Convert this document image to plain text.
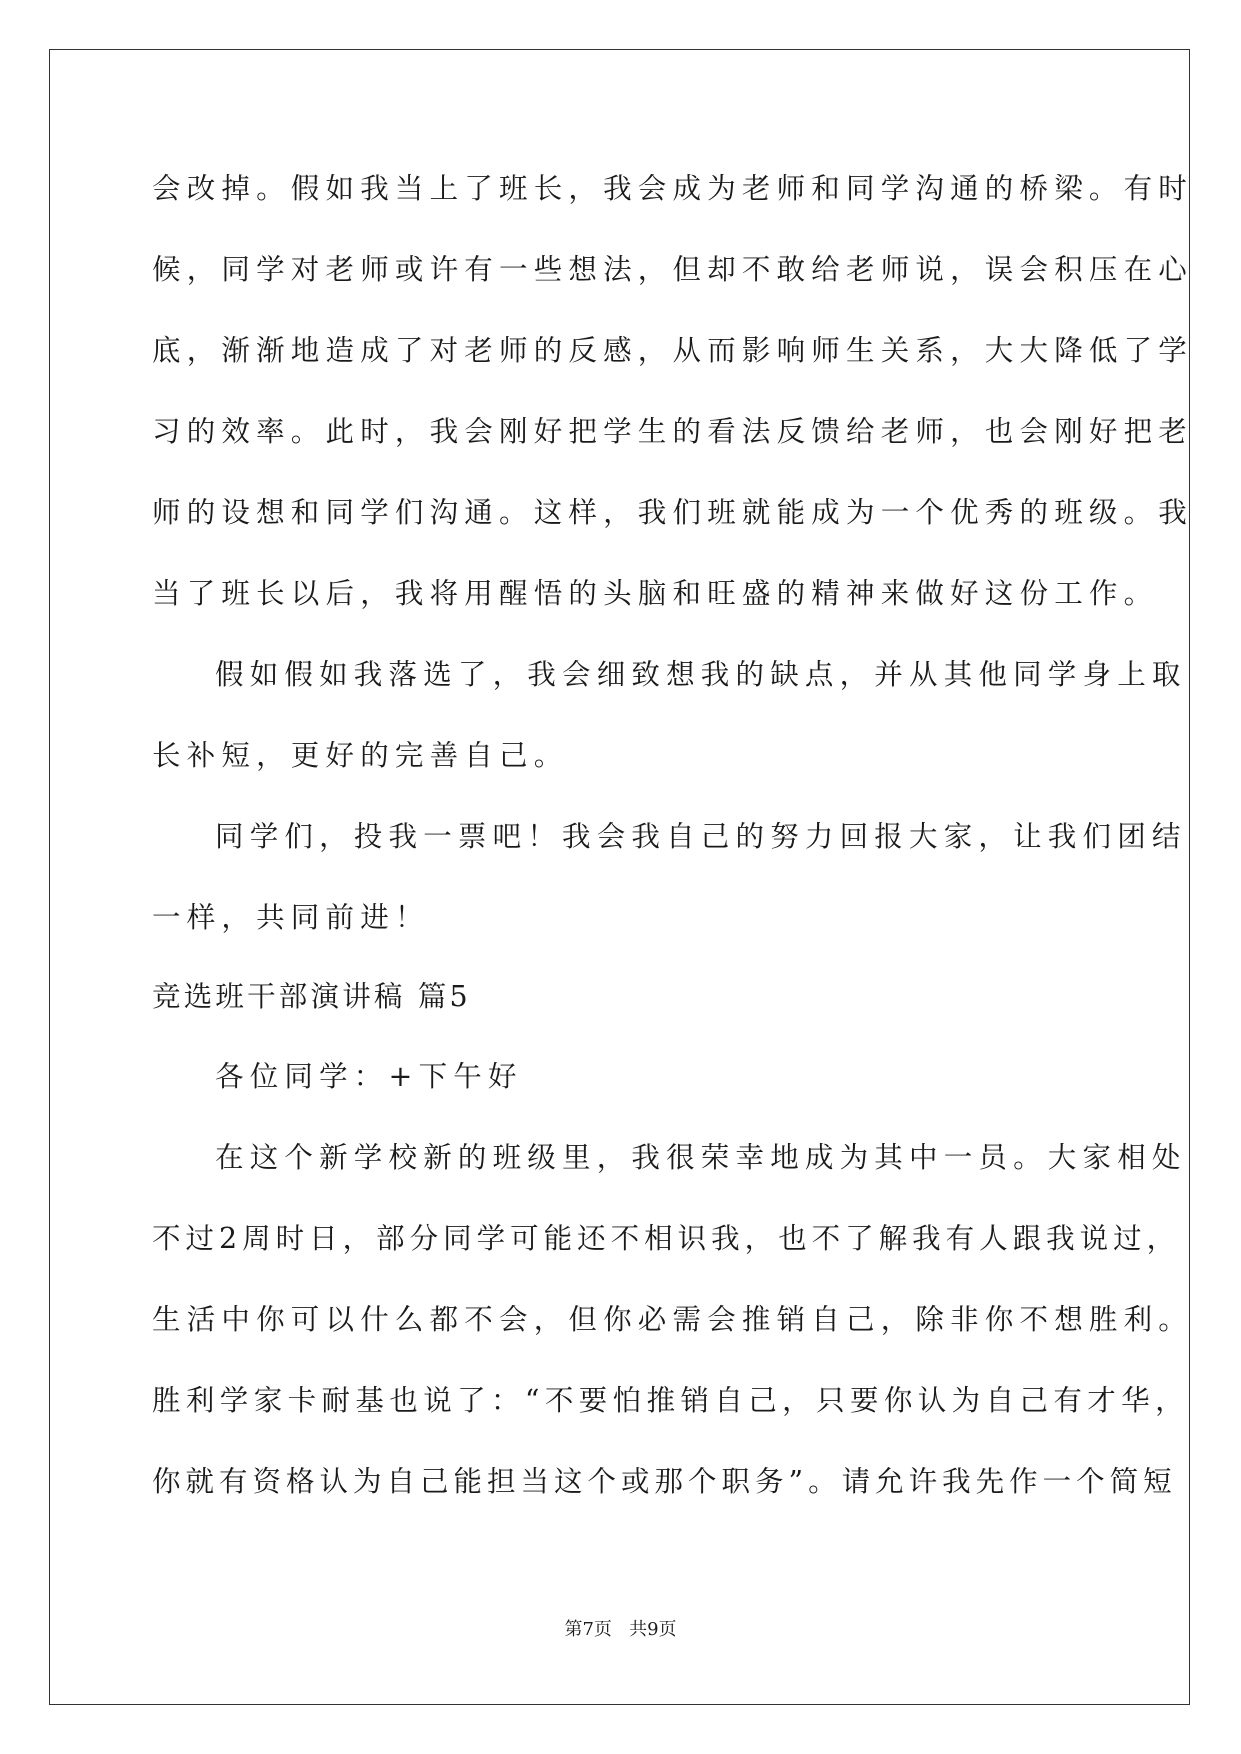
会改掉。假如我当上了班长，我会成为老师和同学沟通的桥梁。有时
候，同学对老师或许有一些想法，但却不敢给老师说，误会积压在心
底，渐渐地造成了对老师的反感，从而影响师生关系，大大降低了学
习的效率。此时，我会刚好把学生的看法反馈给老师，也会刚好把老
师的设想和同学们沟通。这样，我们班就能成为一个优秀的班级。我
当了班长以后，我将用醒悟的头脑和旺盛的精神来做好这份工作。
假如假如我落选了，我会细致想我的缺点，并从其他同学身上取
长补短，更好的完善自己。
同学们，投我一票吧！我会我自己的努力回报大家，让我们团结
一样，共同前进！
竞选班干部演讲稿 篇5
各位同学：+下午好
在这个新学校新的班级里，我很荣幸地成为其中一员。大家相处
不过2周时日，部分同学可能还不相识我，也不了解我有人跟我说过，
生活中你可以什么都不会，但你必需会推销自己，除非你不想胜利。
胜利学家卡耐基也说了：“不要怕推销自己，只要你认为自己有才华，
你就有资格认为自己能担当这个或那个职务”。请允许我先作一个简短
第7页   共9页
